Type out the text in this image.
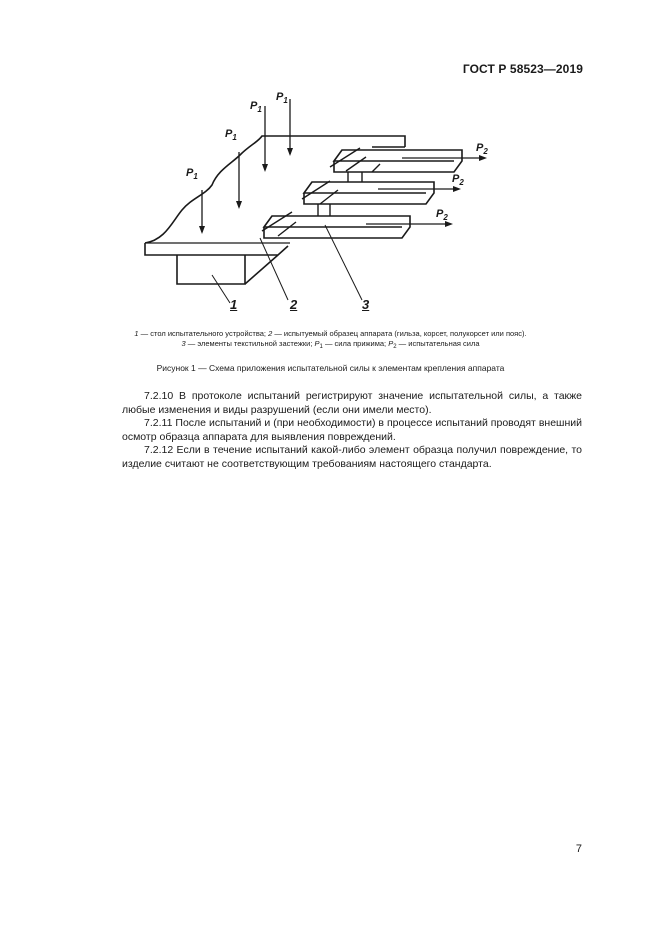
ГОСТ Р 58523—2019
$P_1$
$P_1$
$P_1$
$P_1$
$P_2$
$P_2$
$P_2$
1	2	3
1 — стол испытательного устройства; 2 — испытуемый образец аппарата (гильза, корсет, полукорсет или пояс).
3 — элементы текстильной застежки; $P_1$ — сила прижима; $P_2$ — испытательная сила
Рисунок 1 — Схема приложения испытательной силы к элементам крепления аппарата
7.2.10 В протоколе испытаний регистрируют значение испытательной силы, а также любые изменения и виды разрушений (если они имели место).
7.2.11 После испытаний и (при необходимости) в процессе испытаний проводят внешний осмотр образца аппарата для выявления повреждений.
7.2.12 Если в течение испытаний какой-либо элемент образца получил повреждение, то изделие считают не соответствующим требованиям настоящего стандарта.
7
